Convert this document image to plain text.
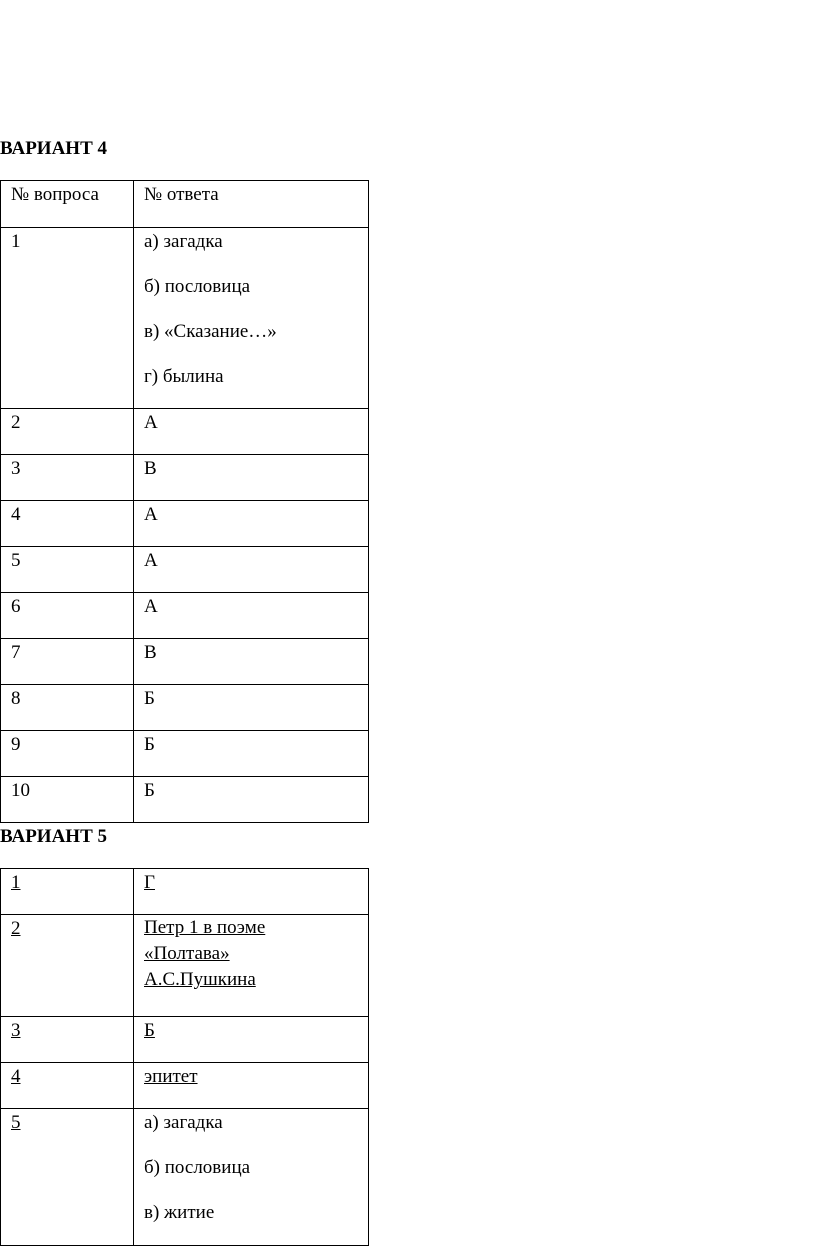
ВАРИАНТ 4
№ вопроса	№ ответа

1	а) загадка
б) пословица
в) «Сказание…»
г) былина

2	А

3	В

4	А

5	А

6	А

7	В

8	Б

9	Б

10	Б
ВАРИАНТ 5
1	Г

2	Петр 1 в поэме
«Полтава»
А.С.Пушкина

3	Б

4	эпитет

5	а) загадка
б) пословица
в) житие
